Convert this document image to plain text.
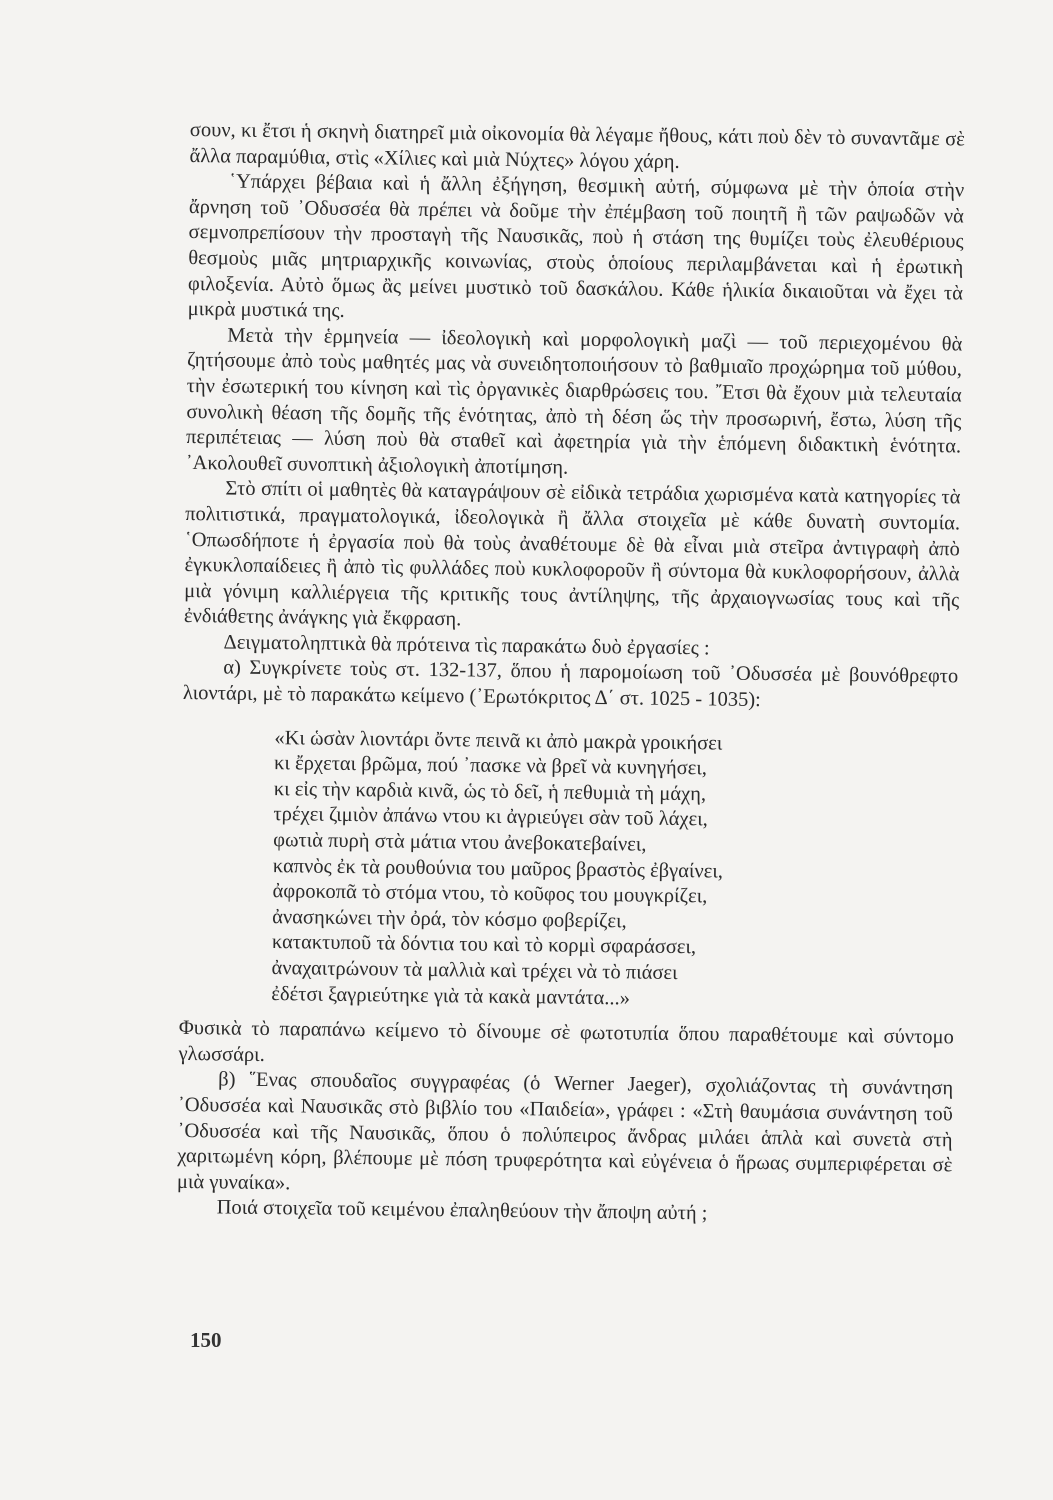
σουν, κι ἔτσι ἡ σκηνὴ διατηρεῖ μιὰ οἰκονομία θὰ λέγαμε ἤθους, κάτι ποὺ δὲν τὸ συναντᾶμε σὲ ἄλλα παραμύθια, στὶς «Χίλιες καὶ μιὰ Νύχτες» λόγου χάρη.

῾Υπάρχει βέβαια καὶ ἡ ἄλλη ἐξήγηση, θεσμικὴ αὐτή, σύμφωνα μὲ τὴν ὁποία στὴν ἄρνηση τοῦ ᾿Οδυσσέα θὰ πρέπει νὰ δοῦμε τὴν ἐπέμβαση τοῦ ποιητῆ ἢ τῶν ραψωδῶν νὰ σεμνοπρεπίσουν τὴν προσταγὴ τῆς Ναυσικᾶς, ποὺ ἡ στάση της θυμίζει τοὺς ἐλευθέριους θεσμοὺς μιᾶς μητριαρχικῆς κοινωνίας, στοὺς ὁποίους περιλαμβάνεται καὶ ἡ ἐρωτικὴ φιλοξενία. Αὐτὸ ὅμως ἂς μείνει μυστικὸ τοῦ δασκάλου. Κάθε ἡλικία δικαιοῦται νὰ ἔχει τὰ μικρὰ μυστικά της.

Μετὰ τὴν ἑρμηνεία — ἰδεολογικὴ καὶ μορφολογικὴ μαζὶ — τοῦ περιεχομένου θὰ ζητήσουμε ἀπὸ τοὺς μαθητές μας νὰ συνειδητοποιήσουν τὸ βαθμιαῖο προχώρημα τοῦ μύθου, τὴν ἐσωτερική του κίνηση καὶ τὶς ὀργανικὲς διαρθρώσεις του. ῎Ετσι θὰ ἔχουν μιὰ τελευταία συνολικὴ θέαση τῆς δομῆς τῆς ἑνότητας, ἀπὸ τὴ δέση ὥς τὴν προσωρινή, ἔστω, λύση τῆς περιπέτειας — λύση ποὺ θὰ σταθεῖ καὶ ἀφετηρία γιὰ τὴν ἑπόμενη διδακτικὴ ἑνότητα. ᾿Ακολουθεῖ συνοπτικὴ ἀξιολογικὴ ἀποτίμηση.

Στὸ σπίτι οἱ μαθητὲς θὰ καταγράψουν σὲ εἰδικὰ τετράδια χωρισμένα κατὰ κατηγορίες τὰ πολιτιστικά, πραγματολογικά, ἰδεολογικὰ ἢ ἄλλα στοιχεῖα μὲ κάθε δυνατὴ συντομία. ῾Οπωσδήποτε ἡ ἐργασία ποὺ θὰ τοὺς ἀναθέτουμε δὲ θὰ εἶναι μιὰ στεῖρα ἀντιγραφὴ ἀπὸ ἐγκυκλοπαίδειες ἢ ἀπὸ τὶς φυλλάδες ποὺ κυκλοφοροῦν ἢ σύντομα θὰ κυκλοφορήσουν, ἀλλὰ μιὰ γόνιμη καλλιέργεια τῆς κριτικῆς τους ἀντίληψης, τῆς ἀρχαιογνωσίας τους καὶ τῆς ἐνδιάθετης ἀνάγκης γιὰ ἔκφραση.

Δειγματοληπτικὰ θὰ πρότεινα τὶς παρακάτω δυὸ ἐργασίες :

α) Συγκρίνετε τοὺς στ. 132-137, ὅπου ἡ παρομοίωση τοῦ ᾿Οδυσσέα μὲ βουνόθρεφτο λιοντάρι, μὲ τὸ παρακάτω κείμενο (᾿Ερωτόκριτος Δ΄ στ. 1025 - 1035):

«Κι ὡσὰν λιοντάρι ὄντε πεινᾶ κι ἀπὸ μακρὰ γροικήσει
κι ἔρχεται βρῶμα, πού ᾿πασκε νὰ βρεῖ νὰ κυνηγήσει,
κι εἰς τὴν καρδιὰ κινᾶ, ὡς τὸ δεῖ, ἡ πεθυμιὰ τὴ μάχη,
τρέχει ζιμιὸν ἀπάνω ντου κι ἀγριεύγει σὰν τοῦ λάχει,
φωτιὰ πυρὴ στὰ μάτια ντου ἀνεβοκατεβαίνει,
καπνὸς ἐκ τὰ ρουθούνια του μαῦρος βραστὸς ἐβγαίνει,
ἀφροκοπᾶ τὸ στόμα ντου, τὸ κοῦφος του μουγκρίζει,
ἀνασηκώνει τὴν ὀρά, τὸν κόσμο φοβερίζει,
κατακτυποῦ τὰ δόντια του καὶ τὸ κορμὶ σφαράσσει,
ἀναχαιτρώνουν τὰ μαλλιὰ καὶ τρέχει νὰ τὸ πιάσει
ἐδέτσι ξαγριεύτηκε γιὰ τὰ κακὰ μαντάτα...»

Φυσικὰ τὸ παραπάνω κείμενο τὸ δίνουμε σὲ φωτοτυπία ὅπου παραθέτουμε καὶ σύντομο γλωσσάρι.

β) ῞Ενας σπουδαῖος συγγραφέας (ὁ Werner Jaeger), σχολιάζοντας τὴ συνάντηση ᾿Οδυσσέα καὶ Ναυσικᾶς στὸ βιβλίο του «Παιδεία», γράφει : «Στὴ θαυμάσια συνάντηση τοῦ ᾿Οδυσσέα καὶ τῆς Ναυσικᾶς, ὅπου ὁ πολύπειρος ἄνδρας μιλάει ἁπλὰ καὶ συνετὰ στὴ χαριτωμένη κόρη, βλέπουμε μὲ πόση τρυφερότητα καὶ εὐγένεια ὁ ἥρωας συμπεριφέρεται σὲ μιὰ γυναίκα».

Ποιά στοιχεῖα τοῦ κειμένου ἐπαληθεύουν τὴν ἄποψη αὐτή ;

150
